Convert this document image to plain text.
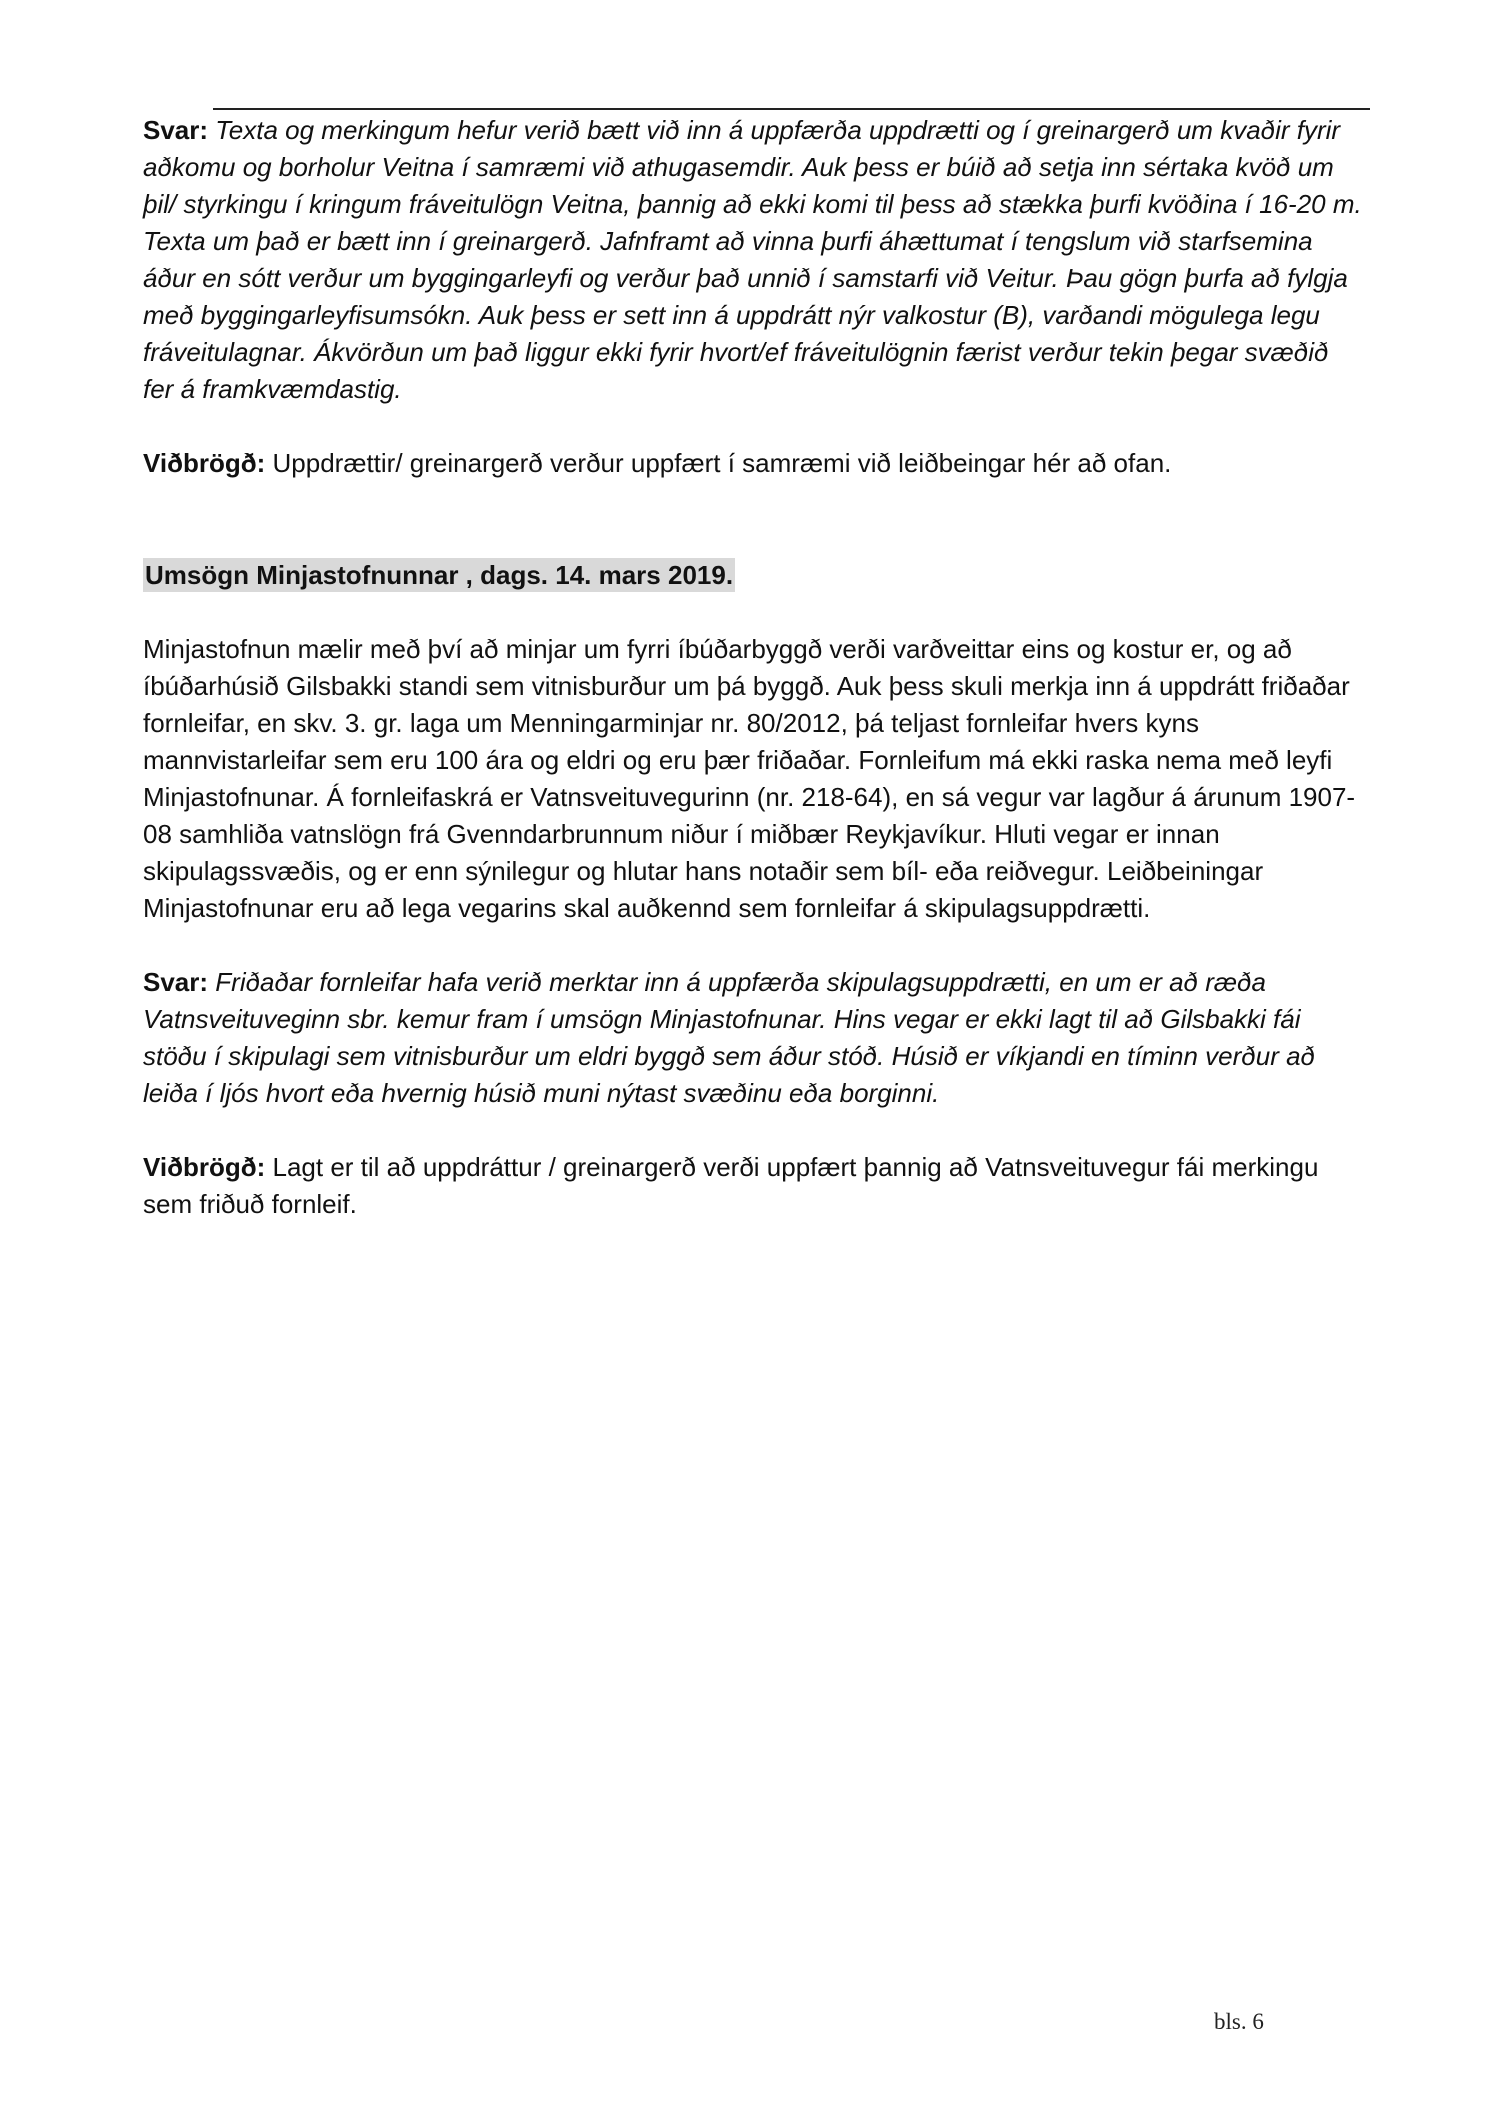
Svar: Texta og merkingum hefur verið bætt við inn á uppfærða uppdrætti og í greinargerð um kvaðir fyrir aðkomu og borholur Veitna í samræmi við athugasemdir. Auk þess er búið að setja inn sértaka kvöð um þil/ styrkingu í kringum fráveitulögn Veitna, þannig að ekki komi til þess að stækka þurfi kvöðina í 16-20 m. Texta um það er bætt inn í greinargerð. Jafnframt að vinna þurfi áhættumat í tengslum við starfsemina áður en sótt verður um byggingarleyfi og verður það unnið í samstarfi við Veitur. Þau gögn þurfa að fylgja með byggingarleyfisumsókn. Auk þess er sett inn á uppdrátt nýr valkostur (B), varðandi mögulega legu fráveitulagnar. Ákvörðun um það liggur ekki fyrir hvort/ef fráveitulögnin færist verður tekin þegar svæðið fer á framkvæmdastig.

Viðbrögð: Uppdrættir/ greinargerð verður uppfært í samræmi við leiðbeingar hér að ofan.

Umsögn Minjastofnunnar , dags. 14. mars 2019.

Minjastofnun mælir með því að minjar um fyrri íbúðarbyggð verði varðveittar eins og kostur er, og að íbúðarhúsið Gilsbakki standi sem vitnisburður um þá byggð. Auk þess skuli merkja inn á uppdrátt friðaðar fornleifar, en skv. 3. gr. laga um Menningarminjar nr. 80/2012, þá teljast fornleifar hvers kyns mannvistarleifar sem eru 100 ára og eldri og eru þær friðaðar. Fornleifum má ekki raska nema með leyfi Minjastofnunar. Á fornleifaskrá er Vatnsveituvegurinn (nr. 218-64), en sá vegur var lagður á árunum 1907-08 samhliða vatnslögn frá Gvenndarbrunnum niður í miðbær Reykjavíkur. Hluti vegar er innan skipulagssvæðis, og er enn sýnilegur og hlutar hans notaðir sem bíl- eða reiðvegur. Leiðbeiningar Minjastofnunar eru að lega vegarins skal auðkennd sem fornleifar á skipulagsuppdrætti.

Svar: Friðaðar fornleifar hafa verið merktar inn á uppfærða skipulagsuppdrætti, en um er að ræða Vatnsveituveginn sbr. kemur fram í umsögn Minjastofnunar. Hins vegar er ekki lagt til að Gilsbakki fái stöðu í skipulagi sem vitnisburður um eldri byggð sem áður stóð. Húsið er víkjandi en tíminn verður að leiða í ljós hvort eða hvernig húsið muni nýtast svæðinu eða borginni.

Viðbrögð: Lagt er til að uppdráttur / greinargerð verði uppfært þannig að Vatnsveituvegur fái merkingu sem friðuð fornleif.

bls. 6
